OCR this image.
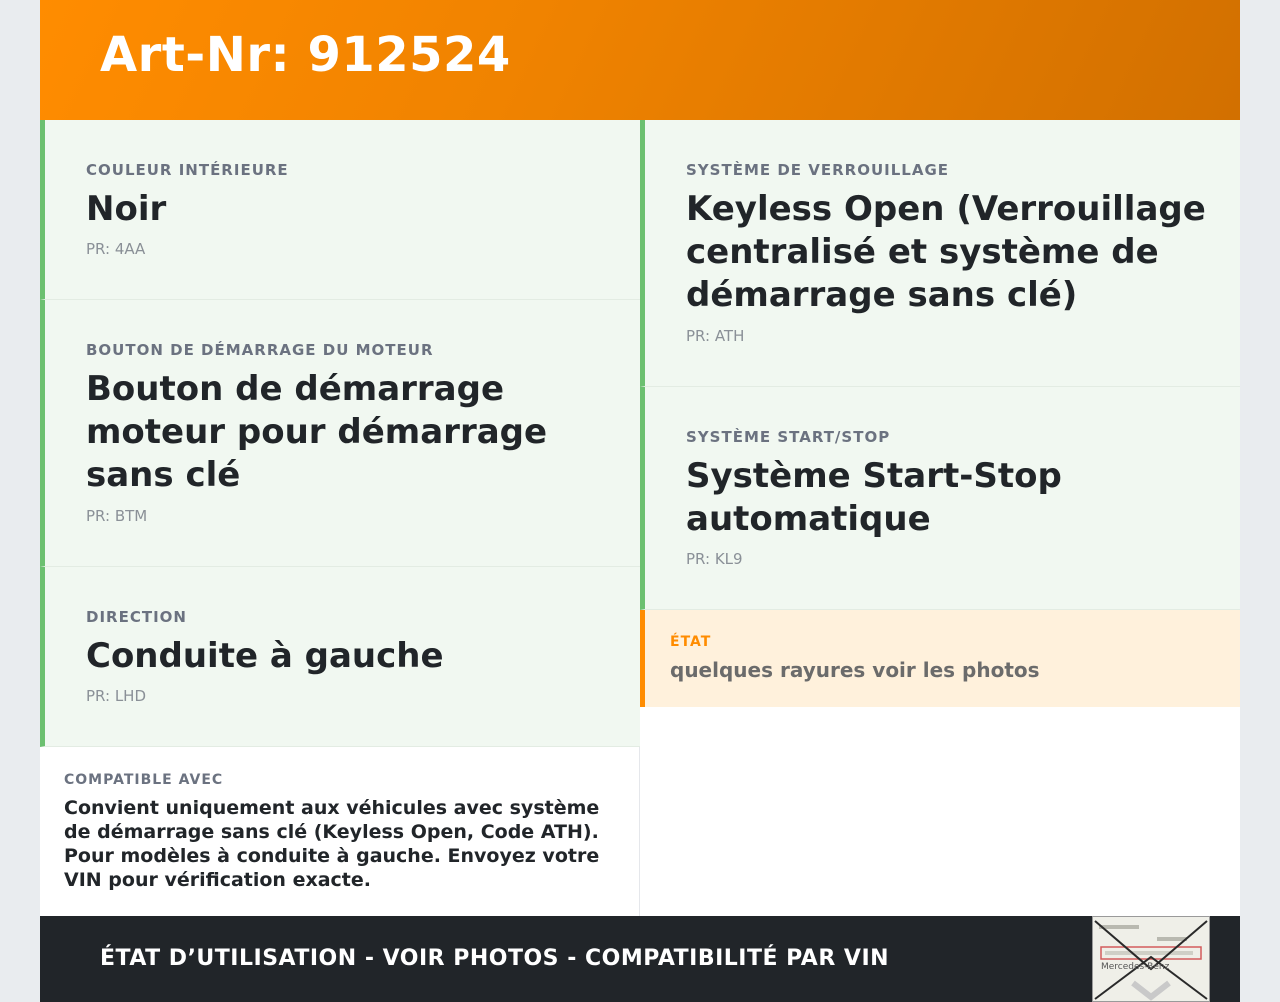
Art-Nr: 912524
COULEUR INTÉRIEURE
Noir
PR: 4AA
BOUTON DE DÉMARRAGE DU MOTEUR
Bouton de démarrage moteur pour démarrage sans clé
PR: BTM
DIRECTION
Conduite à gauche
PR: LHD
SYSTÈME DE VERROUILLAGE
Keyless Open (Verrouillage centralisé et système de démarrage sans clé)
PR: ATH
SYSTÈME START/STOP
Système Start-Stop automatique
PR: KL9
ÉTAT
quelques rayures voir les photos
COMPATIBLE AVEC

Convient uniquement aux véhicules avec système de démarrage sans clé (Keyless Open, Code ATH). Pour modèles à conduite à gauche. Envoyez votre VIN pour vérification exacte.

ÉTAT D’UTILISATION - VOIR PHOTOS - COMPATIBILITÉ PAR VIN	Mercedes-Benz
